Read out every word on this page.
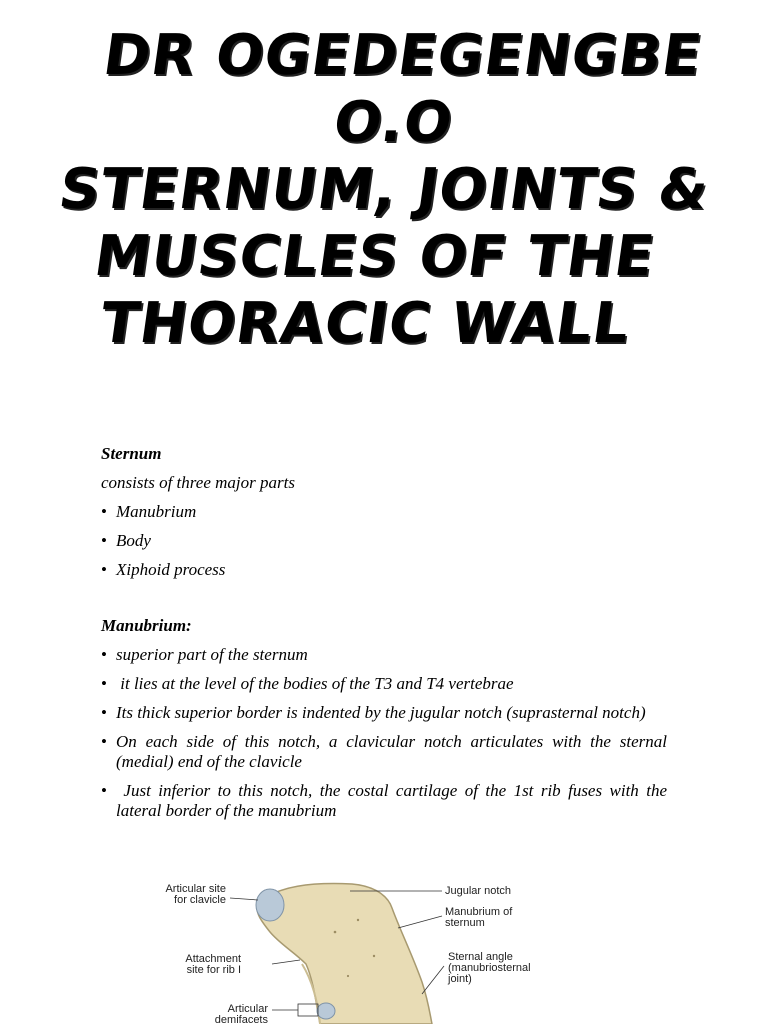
DR OGEDEGENGBE
O.O
STERNUM, JOINTS &
MUSCLES OF THE
THORACIC WALL

Sternum

consists of three major parts

• Manubrium

• Body

• Xiphoid process

Manubrium:

• superior part of the sternum

•  it lies at the level of the bodies of the T3 and T4 vertebrae

• Its thick superior border is indented by the jugular notch (suprasternal notch)

• On each side of this notch, a clavicular notch articulates with the sternal (medial) end of the clavicle

•  Just inferior to this notch, the costal cartilage of the 1st rib fuses with the lateral border of the manubrium

Articular site
for clavicle
Attachment
site for rib I
Articular
demifacets
Jugular notch
Manubrium of
sternum
Sternal angle
(manubriosternal
joint)
